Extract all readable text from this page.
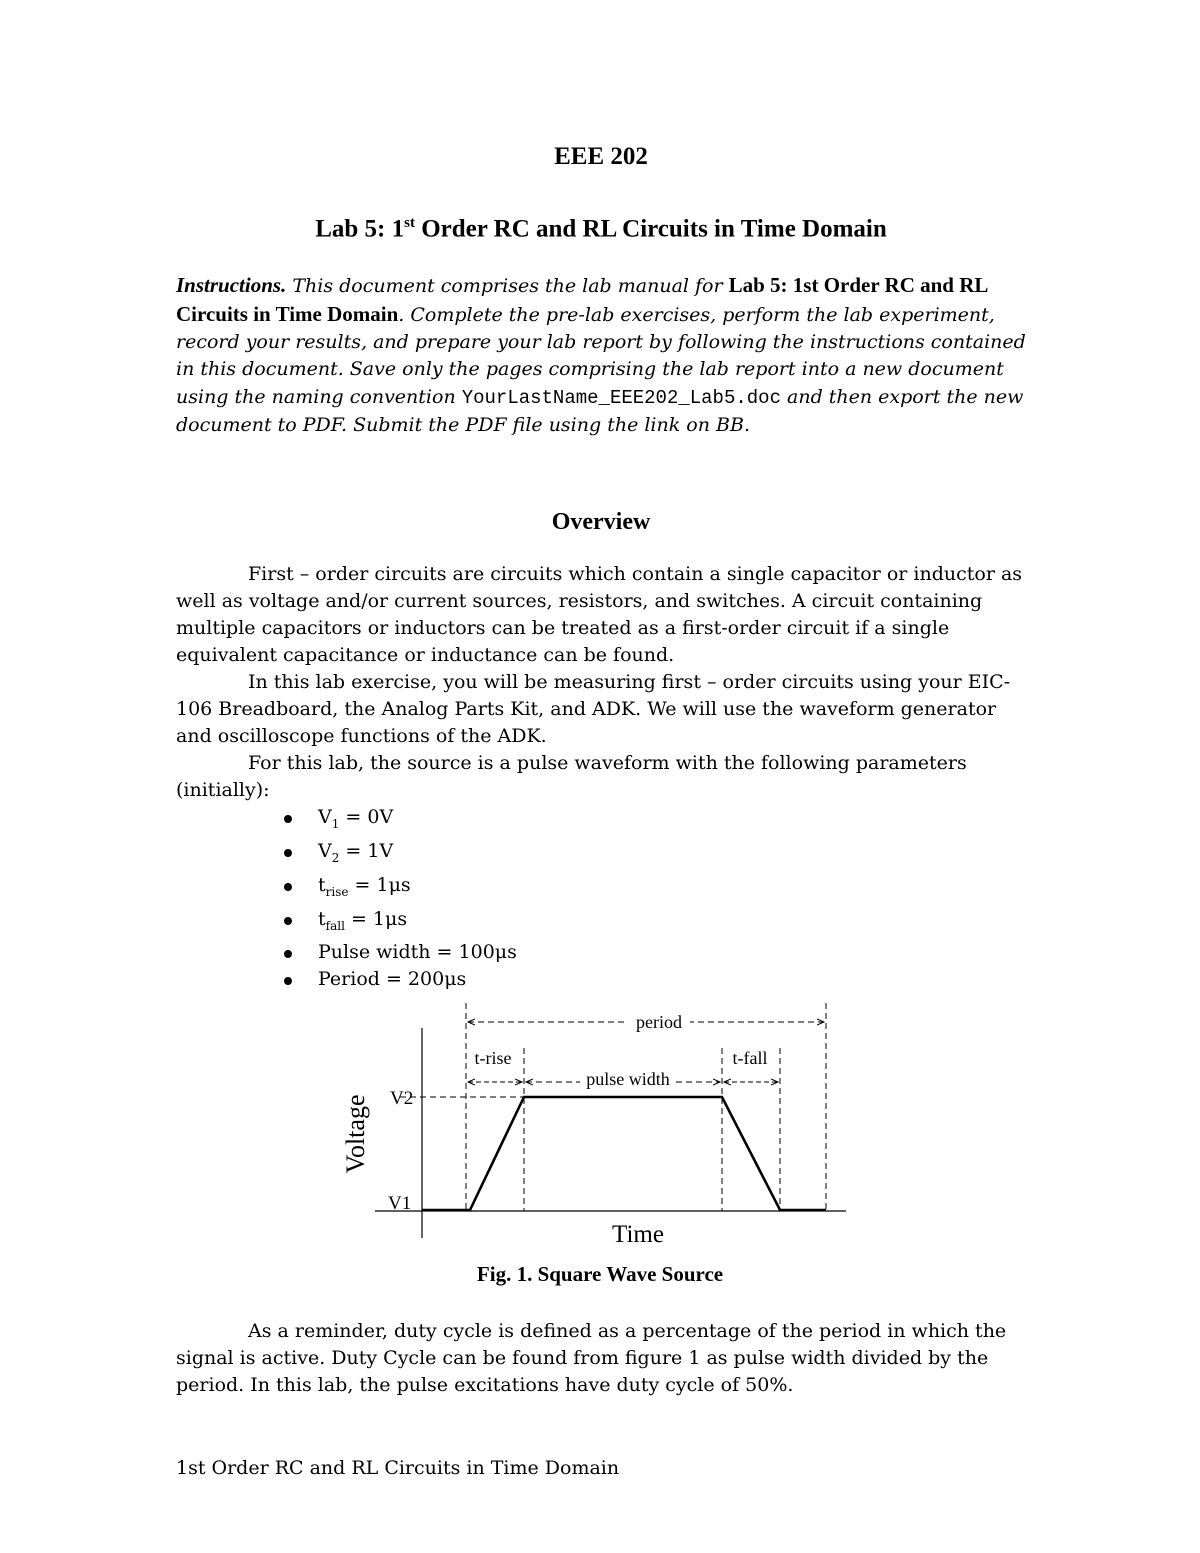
EEE 202
Lab 5: 1st Order RC and RL Circuits in Time Domain

Instructions. This document comprises the lab manual for Lab 5: 1st Order RC and RL Circuits in Time Domain. Complete the pre-lab exercises, perform the lab experiment, record your results, and prepare your lab report by following the instructions contained in this document. Save only the pages comprising the lab report into a new document using the naming convention YourLastName_EEE202_Lab5.doc and then export the new document to PDF. Submit the PDF file using the link on BB.

Overview

First – order circuits are circuits which contain a single capacitor or inductor as well as voltage and/or current sources, resistors, and switches. A circuit containing multiple capacitors or inductors can be treated as a first-order circuit if a single equivalent capacitance or inductance can be found.

In this lab exercise, you will be measuring first – order circuits using your EIC-106 Breadboard, the Analog Parts Kit, and ADK. We will use the waveform generator and oscilloscope functions of the ADK.

For this lab, the source is a pulse waveform with the following parameters (initially):

$V_1 = 0V$
$V_2 = 1V$
$t_{rise} = 1\mu s$
$t_{fall} = 1\mu s$
Pulse width = 100μs
Period = 200μs
period
t-rise
pulse width
t-fall
V2
V1
Voltage
Time
Fig. 1. Square Wave Source

As a reminder, duty cycle is defined as a percentage of the period in which the signal is active. Duty Cycle can be found from figure 1 as pulse width divided by the period. In this lab, the pulse excitations have duty cycle of 50%.

1st Order RC and RL Circuits in Time Domain
